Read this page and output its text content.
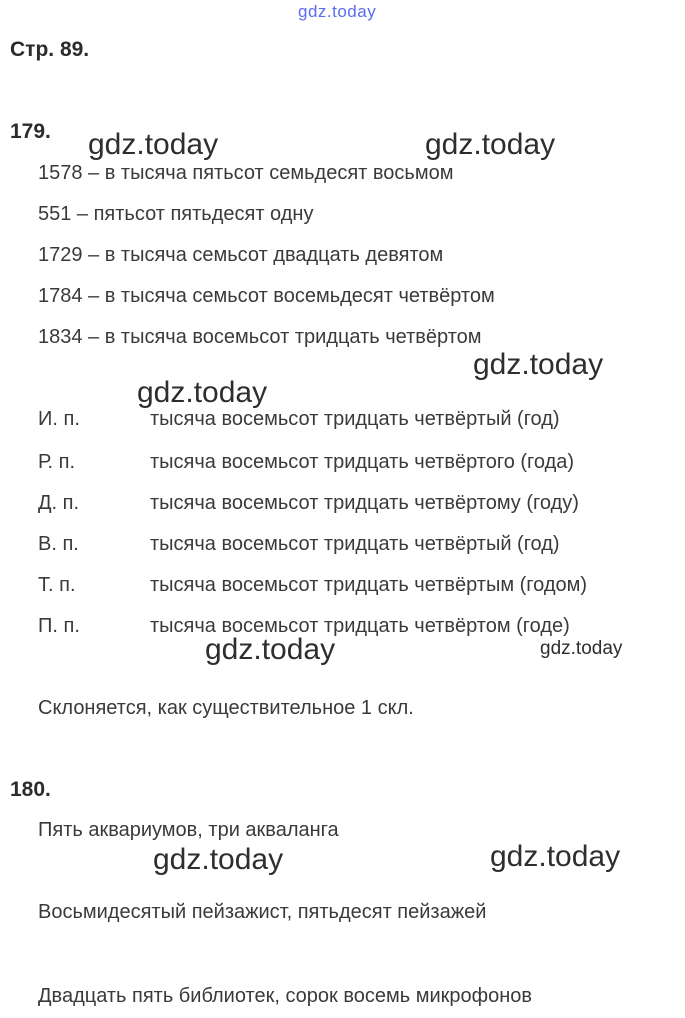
gdz.today
Стр. 89.
179. gdz.today	gdz.today
1578 – в тысяча пятьсот семьдесят восьмом
551 – пятьсот пятьдесят одну
1729 – в тысяча семьсот двадцать девятом
1784 – в тысяча семьсот восемьдесят четвёртом
1834 – в тысяча восемьсот тридцать четвёртом
gdz.today
gdz.today
И. п.	тысяча восемьсот тридцать четвёртый (год)
Р. п.	тысяча восемьсот тридцать четвёртого (года)
Д. п.	тысяча восемьсот тридцать четвёртому (году)
В. п.	тысяча восемьсот тридцать четвёртый (год)
Т. п.	тысяча восемьсот тридцать четвёртым (годом)
П. п.	тысяча восемьсот тридцать четвёртом (годе)
gdz.today	gdz.today
Склоняется, как существительное 1 скл.
180.
Пять аквариумов, три акваланга
gdz.today	gdz.today
Восьмидесятый пейзажист, пятьдесят пейзажей
Двадцать пять библиотек, сорок восемь микрофонов
